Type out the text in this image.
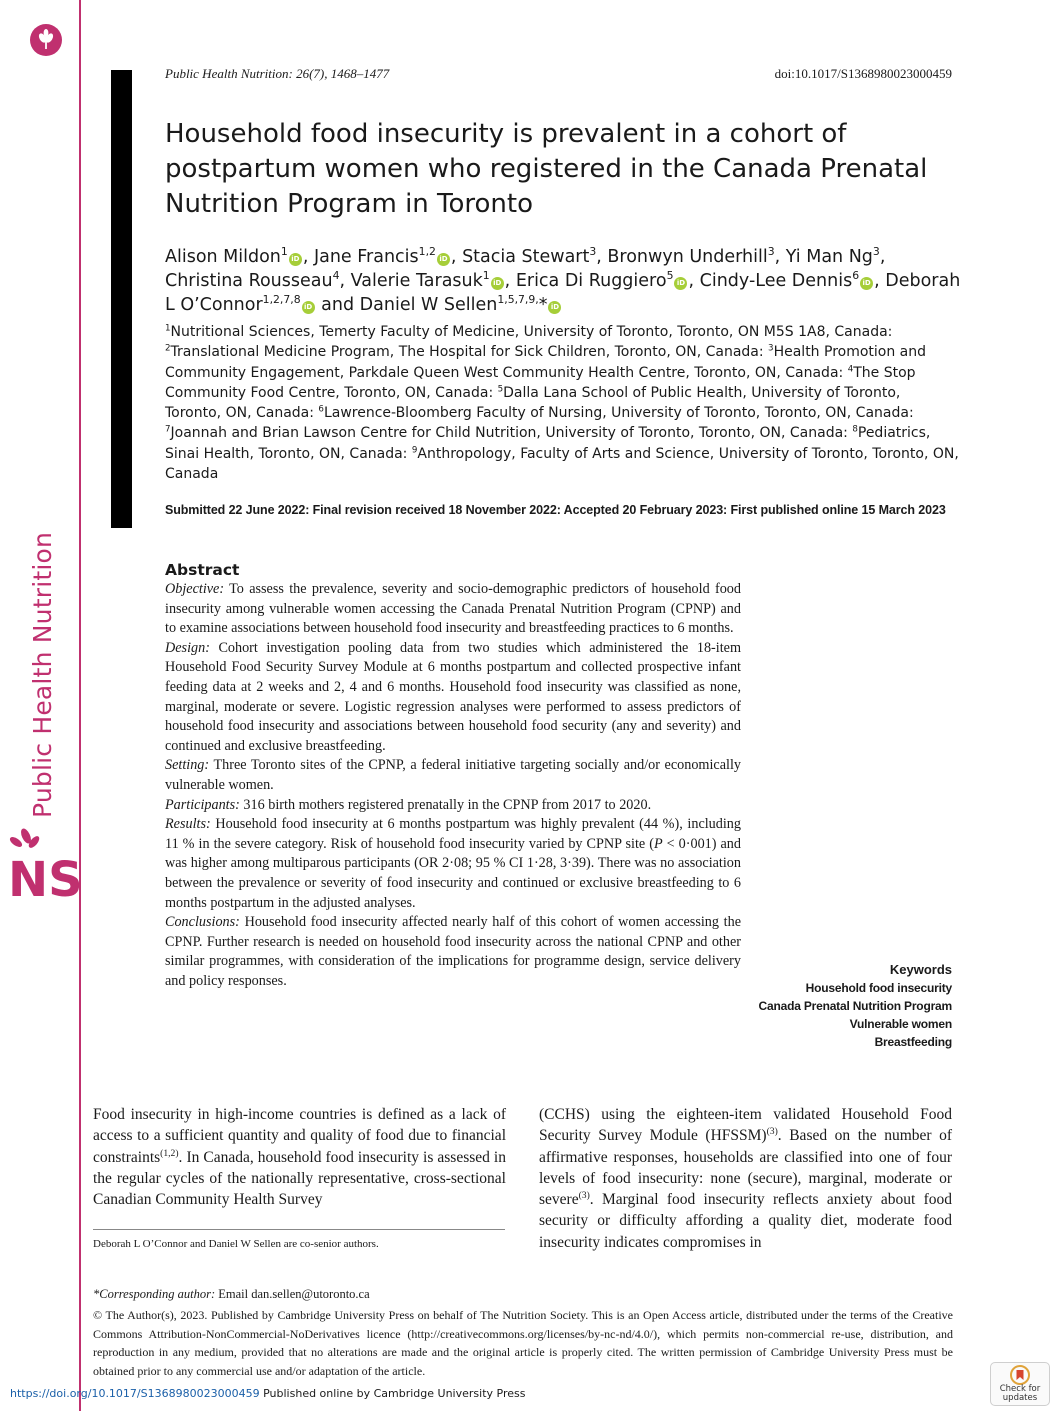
Public Health Nutrition
NS
Public Health Nutrition: 26(7), 1468–1477	doi:10.1017/S1368980023000459
Household food insecurity is prevalent in a cohort of postpartum women who registered in the Canada Prenatal Nutrition Program in Toronto
Alison Mildon$^1$iD , Jane Francis$^{1,2}$iD , Stacia Stewart$^3$, Bronwyn Underhill$^3$, Yi Man Ng$^3$, Christina Rousseau$^4$, Valerie Tarasuk$^1$iD , Erica Di Ruggiero$^5$iD , Cindy-Lee Dennis$^6$iD , Deborah L O’Connor$^{1,2,7,8}$iD and Daniel W Sellen$^{1,5,7,9,}$* iD
$^1$Nutritional Sciences, Temerty Faculty of Medicine, University of Toronto, Toronto, ON M5S 1A8, Canada: $^2$Translational Medicine Program, The Hospital for Sick Children, Toronto, ON, Canada: $^3$Health Promotion and Community Engagement, Parkdale Queen West Community Health Centre, Toronto, ON, Canada: $^4$The Stop Community Food Centre, Toronto, ON, Canada: $^5$Dalla Lana School of Public Health, University of Toronto, Toronto, ON, Canada: $^6$Lawrence-Bloomberg Faculty of Nursing, University of Toronto, Toronto, ON, Canada: $^7$Joannah and Brian Lawson Centre for Child Nutrition, University of Toronto, Toronto, ON, Canada: $^8$Pediatrics, Sinai Health, Toronto, ON, Canada: $^9$Anthropology, Faculty of Arts and Science, University of Toronto, Toronto, ON, Canada
Submitted 22 June 2022: Final revision received 18 November 2022: Accepted 20 February 2023: First published online 15 March 2023
Abstract

Objective: To assess the prevalence, severity and socio-demographic predictors of household food insecurity among vulnerable women accessing the Canada Prenatal Nutrition Program (CPNP) and to examine associations between household food insecurity and breastfeeding practices to 6 months.

Design: Cohort investigation pooling data from two studies which administered the 18-item Household Food Security Survey Module at 6 months postpartum and collected prospective infant feeding data at 2 weeks and 2, 4 and 6 months. Household food insecurity was classified as none, marginal, moderate or severe. Logistic regression analyses were performed to assess predictors of household food insecurity and associations between household food security (any and severity) and continued and exclusive breastfeeding.

Setting: Three Toronto sites of the CPNP, a federal initiative targeting socially and/or economically vulnerable women.

Participants: 316 birth mothers registered prenatally in the CPNP from 2017 to 2020.

Results: Household food insecurity at 6 months postpartum was highly prevalent (44 %), including 11 % in the severe category. Risk of household food insecurity varied by CPNP site (P < 0·001) and was higher among multiparous participants (OR 2·08; 95 % CI 1·28, 3·39). There was no association between the prevalence or severity of food insecurity and continued or exclusive breastfeeding to 6 months postpartum in the adjusted analyses.

Conclusions: Household food insecurity affected nearly half of this cohort of women accessing the CPNP. Further research is needed on household food insecurity across the national CPNP and other similar programmes, with consideration of the implications for programme design, service delivery and policy responses.

Keywords
Household food insecurity
Canada Prenatal Nutrition Program
Vulnerable women
Breastfeeding
Food insecurity in high-income countries is defined as a lack of access to a sufficient quantity and quality of food due to financial constraints$^{(1,2)}$. In Canada, household food insecurity is assessed in the regular cycles of the nationally representative, cross-sectional Canadian Community Health Survey
(CCHS) using the eighteen-item validated Household Food Security Survey Module (HFSSM)$^{(3)}$. Based on the number of affirmative responses, households are classified into one of four levels of food insecurity: none (secure), marginal, moderate or severe$^{(3)}$. Marginal food insecurity reflects anxiety about food security or difficulty affording a quality diet, moderate food insecurity indicates compromises in
Deborah L O’Connor and Daniel W Sellen are co-senior authors.
*Corresponding author: Email dan.sellen@utoronto.ca
© The Author(s), 2023. Published by Cambridge University Press on behalf of The Nutrition Society. This is an Open Access article, distributed under the terms of the Creative Commons Attribution-NonCommercial-NoDerivatives licence (http://creativecommons.org/licenses/by-nc-nd/4.0/), which permits non-commercial re-use, distribution, and reproduction in any medium, provided that no alterations are made and the original article is properly cited. The written permission of Cambridge University Press must be obtained prior to any commercial use and/or adaptation of the article.
https://doi.org/10.1017/S1368980023000459 Published online by Cambridge University Press	Check for
updates
